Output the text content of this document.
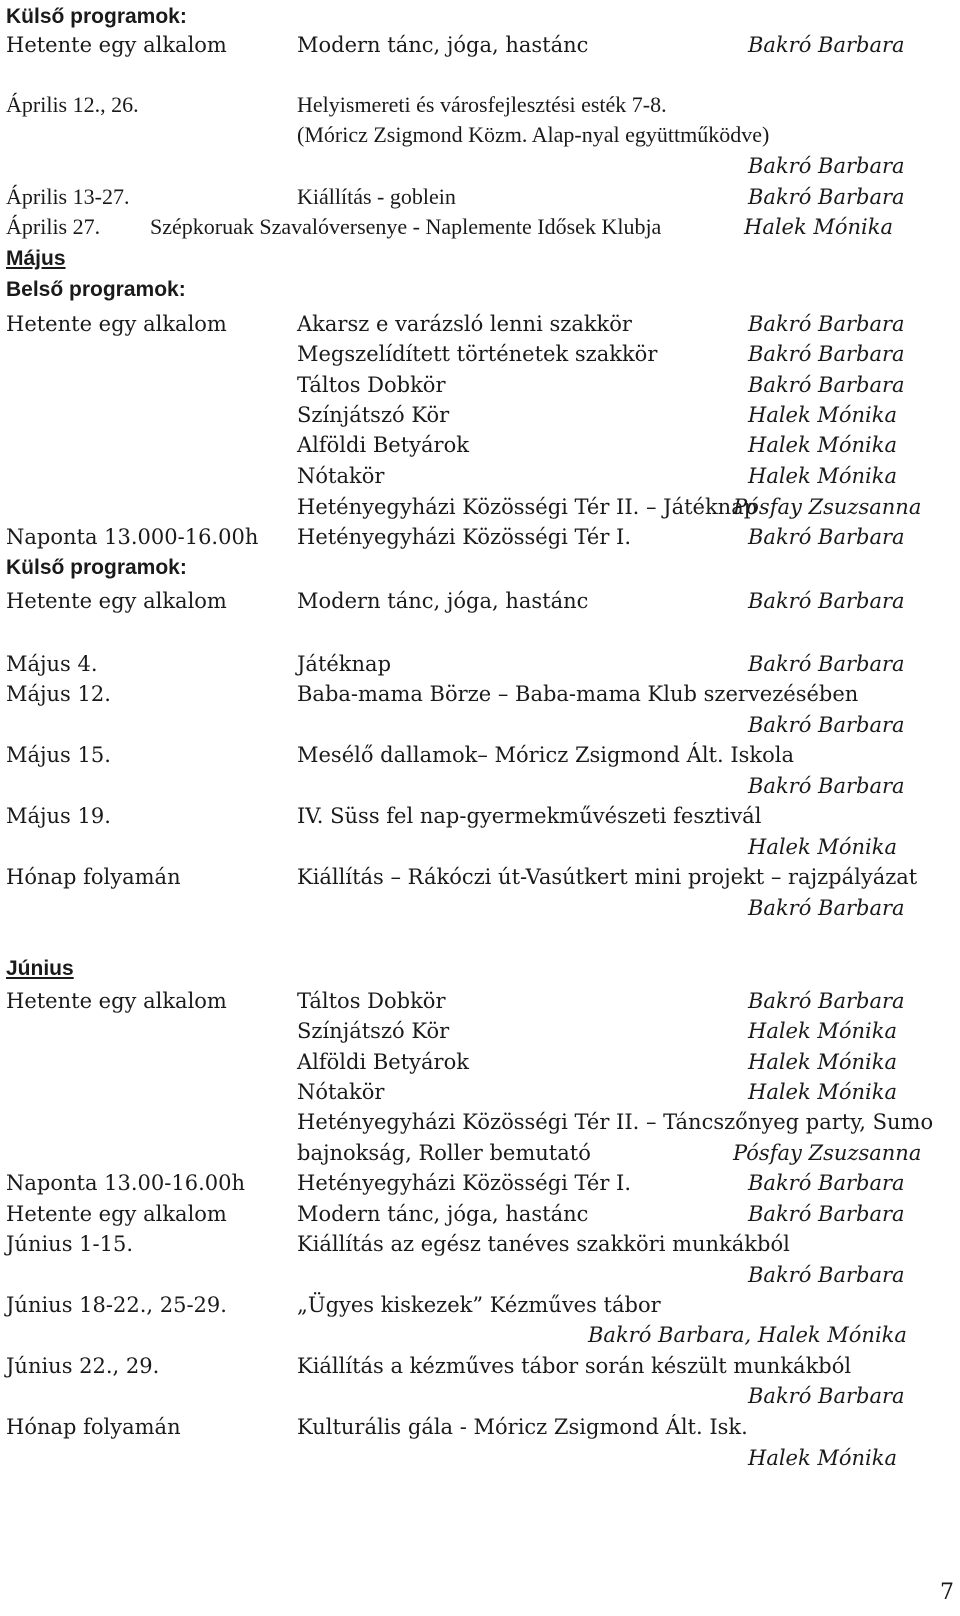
Külső programok:
Hetente egy alkalom	Modern tánc, jóga, hastánc	Bakró Barbara
Április 12., 26.	Helyismereti és városfejlesztési esték 7-8.
(Móricz Zsigmond Közm. Alap-nyal együttműködve)
Bakró Barbara
Április 13-27.	Kiállítás - goblein	Bakró Barbara
Április 27. Szépkoruak Szavalóversenye - Naplemente Idősek Klubja	Halek Mónika
Május
Belső programok:
Hetente egy alkalom	Akarsz e varázsló lenni szakkör	Bakró Barbara
Megszelídített történetek szakkör	Bakró Barbara
Táltos Dobkör	Bakró Barbara
Színjátszó Kör	Halek Mónika
Alföldi Betyárok	Halek Mónika
Nótakör	Halek Mónika
Hetényegyházi Közösségi Tér II. – Játéknap
Pósfay Zsuzsanna
Naponta 13.000-16.00h Hetényegyházi Közösségi Tér I.	Bakró Barbara
Külső programok:
Hetente egy alkalom	Modern tánc, jóga, hastánc	Bakró Barbara
Május 4.	Játéknap	Bakró Barbara
Május 12.	Baba-mama Börze – Baba-mama Klub szervezésében
Bakró Barbara
Május 15.	Mesélő dallamok– Móricz Zsigmond Ált. Iskola
Bakró Barbara
Május 19.	IV. Süss fel nap-gyermekművészeti fesztivál
Halek Mónika
Hónap folyamán	Kiállítás – Rákóczi út-Vasútkert mini projekt – rajzpályázat
Bakró Barbara
Június
Hetente egy alkalom	Táltos Dobkör	Bakró Barbara
Színjátszó Kör	Halek Mónika
Alföldi Betyárok	Halek Mónika
Nótakör	Halek Mónika
Hetényegyházi Közösségi Tér II. – Táncszőnyeg party, Sumo
bajnokság, Roller bemutató	Pósfay Zsuzsanna
Naponta 13.00-16.00h Hetényegyházi Közösségi Tér I.	Bakró Barbara
Hetente egy alkalom	Modern tánc, jóga, hastánc	Bakró Barbara
Június 1-15.	Kiállítás az egész tanéves szakköri munkákból
Bakró Barbara
Június 18-22., 25-29.	„Ügyes kiskezek” Kézműves tábor
Bakró Barbara, Halek Mónika
Június 22., 29.	Kiállítás a kézműves tábor során készült munkákból
Bakró Barbara
Hónap folyamán	Kulturális gála - Móricz Zsigmond Ált. Isk.
Halek Mónika
7
